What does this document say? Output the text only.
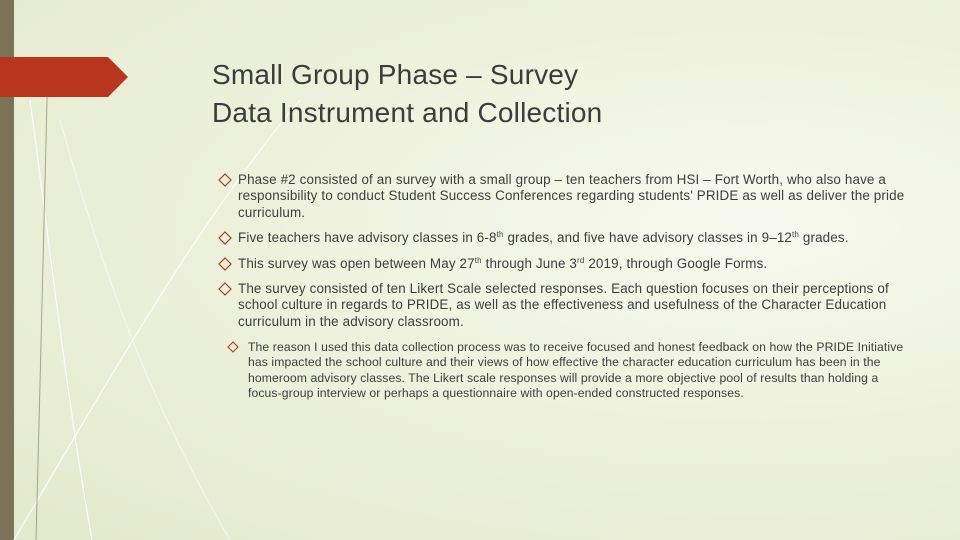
Small Group Phase – Survey
Data Instrument and Collection
Phase #2 consisted of an survey with a small group – ten teachers from HSI – Fort Worth, who also have a responsibility to conduct Student Success Conferences regarding students' PRIDE as well as deliver the pride curriculum.
Five teachers have advisory classes in 6-8th grades, and five have advisory classes in 9–12th grades.
This survey was open between May 27th through June 3rd 2019, through Google Forms.
The survey consisted of ten Likert Scale selected responses. Each question focuses on their perceptions of school culture in regards to PRIDE, as well as the effectiveness and usefulness of the Character Education curriculum in the advisory classroom.
The reason I used this data collection process was to receive focused and honest feedback on how the PRIDE Initiative has impacted the school culture and their views of how effective the character education curriculum has been in the homeroom advisory classes. The Likert scale responses will provide a more objective pool of results than holding a focus-group interview or perhaps a questionnaire with open-ended constructed responses.
